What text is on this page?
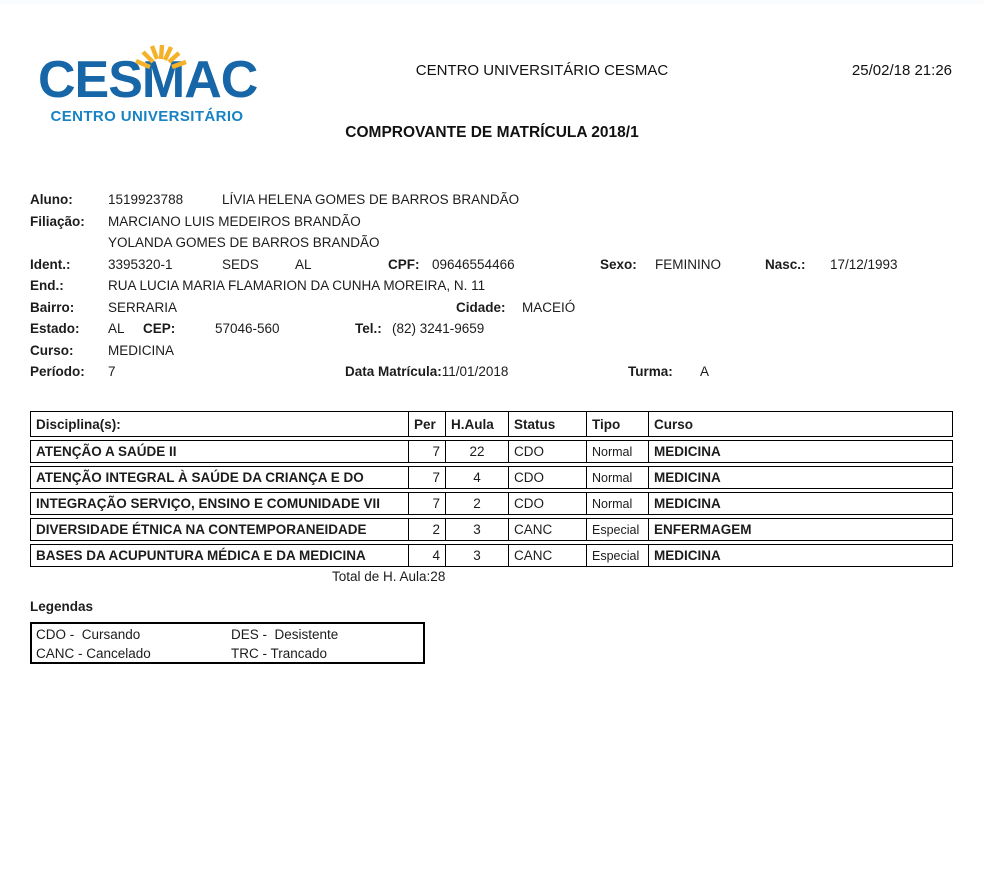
CESMAC
CENTRO UNIVERSITÁRIO
CENTRO UNIVERSITÁRIO CESMAC	25/02/18 21:26
COMPROVANTE DE MATRÍCULA 2018/1
Aluno:	1519923788	LÍVIA HELENA GOMES DE BARROS BRANDÃO
Filiação: MARCIANO LUIS MEDEIROS BRANDÃO
YOLANDA GOMES DE BARROS BRANDÃO
Ident.:	3395320-1	SEDS	AL	CPF: 09646554466	Sexo: FEMININO	Nasc.: 17/12/1993
End.:	RUA LUCIA MARIA FLAMARION DA CUNHA MOREIRA, N. 11
Bairro: SERRARIA	Cidade: MACEIÓ
Estado: AL CEP:	57046-560	Tel.: (82) 3241-9659
Curso:	MEDICINA
Período: 7	Data Matrícula:11/01/2018	Turma: A
Disciplina(s):	Per	H.Aula	Status	Tipo	Curso
ATENÇÃO A SAÚDE II	7	22	CDO	Normal	MEDICINA
ATENÇÃO INTEGRAL À SAÚDE DA CRIANÇA E DO	7	4	CDO	Normal	MEDICINA
INTEGRAÇÃO SERVIÇO, ENSINO E COMUNIDADE VII	7	2	CDO	Normal	MEDICINA
DIVERSIDADE ÉTNICA NA CONTEMPORANEIDADE	2	3	CANC	Especial	ENFERMAGEM
BASES DA ACUPUNTURA MÉDICA E DA MEDICINA	4	3	CANC	Especial	MEDICINA
Total de H. Aula:28
Legendas
CDO -  Cursando	DES -  Desistente
CANC - Cancelado	TRC - Trancado
